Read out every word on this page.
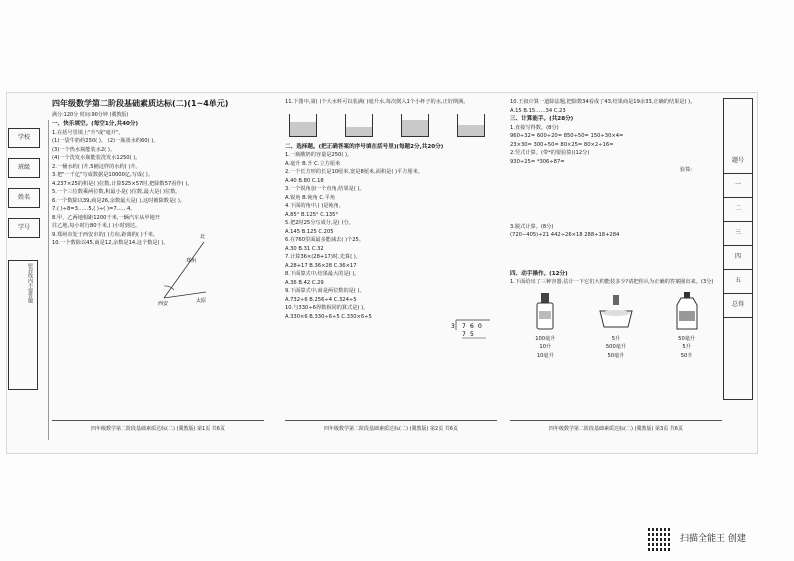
学校
班级
姓名
学号
密封线内不要答题
题号
一
二
三
四
五
总得
四年级数学第二阶段基础素质达标(二)(1~4单元)
满分:120分 时间:90分钟 (冀教版)
一、快乐填空。(每空1分,共40分)

1.在括号里填上"升"或"毫升"。

(1)一袋牛奶约250( )。 (2)一瓶墨水约60( )。

(3)一个热水瓶能装水2( )。

(4)一个洗发水瓶能装洗发水1250( )。

2.一桶水约( )升,5桶这样的水约( )升。

3.把"一千亿"写成数据是10000亿,写成( )。

4.237×25的积是( )位数,计算525×57时,把除数57看作( )。

5.一个三位数乘两位数,积最小是( )位数,最大是( )位数。

6.一个数除以39,商是26,余数最大是( ),这时被除数是( )。

7.( )÷8=3……5,( )÷( )=7……4。

8.甲、乙两地相距1200千米,一辆汽车从甲地开往乙地,每小时行80千米,( )小时到达。

9.郑州市处于西安市的( )方向,距离约( )千米。

10.一个数除以45,商是12,余数是14,这个数是( )。

北
郑州
西安	太原
四年级数学第二阶段基础素质达标(二) (冀教版) 第1页 共6页

11.下图中,第( )个大水杯可以装满( )毫升水,每次倒入1个小杯子的水,正好倒满。

二、选择题。(把正确答案的序号填在括号里)(每题2分,共20分)

1.一瓶酸奶的容量是250( )。

A.毫升 B.升 C.立方厘米

2.一个长方形的长是10厘米,宽是8厘米,面积是( )平方厘米。

A.40 B.80 C.18

3.一个锐角加一个直角,结果是( )。

A.锐角 B.钝角 C.平角

4.下面的角中,( )是钝角。

A.85° B.125° C.135°

5.把2时25分写成分,是( )分。

A.145 B.125 C.205

6.在760里面最多能减去( )个25。

A.30 B.31 C.32

7.计算36×(28+17)时,先算( )。

A.28+17 B.36×28 C.36×17

8.下面算式中,结果最大的是( )。

A.36 B.42 C.29

9.下面算式中,商是两位数的是( )。

A.732÷6 B.256÷4 C.324÷5

10.与330÷6得数相同的算式是( )。

A.330×6 B.330÷6÷5 C.330×6÷5

3 7 6 0
7 5
四年级数学第二阶段基础素质达标(二) (冀教版) 第2页 共6页

10.王叔计算一道除法题,把除数34看成了43,结果商是19余33,正确的结果是( )。

A.15 B.15……34 C.23

三、计算能手。(共28分)

1.直接写得数。(8分)

960÷32= 600÷20= 850÷50= 150÷30×4=

23×30= 300÷50= 80×25= 80×2÷16=

2.竖式计算。(带*的要验算)(12分)

930÷25= *306÷87=

验算:

3.脱式计算。(8分)

(720−405)÷21 442÷26×18 288÷18+284

四、动手操作。(12分)

1.下面给出了三种容器,估计一下它们大约能装多少?请把你认为正确的答案圈出来。(3分)

100毫升	5升	50毫升
10升	500毫升	5升
10毫升	50毫升	50升
四年级数学第二阶段基础素质达标(二) (冀教版) 第3页 共6页
扫描全能王 创建
